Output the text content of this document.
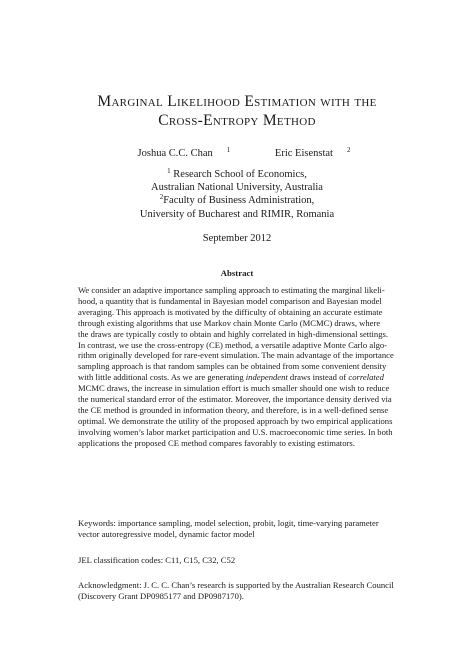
Marginal Likelihood Estimation with the
Cross-Entropy Method
Joshua C.C. Chan $^1$	Eric Eisenstat $^2$
$^1$ Research School of Economics,
Australian National University, Australia
$^2$Faculty of Business Administration,
University of Bucharest and RIMIR, Romania
September 2012
Abstract

We consider an adaptive importance sampling approach to estimating the marginal likeli-

hood, a quantity that is fundamental in Bayesian model comparison and Bayesian model

averaging. This approach is motivated by the difficulty of obtaining an accurate estimate

through existing algorithms that use Markov chain Monte Carlo (MCMC) draws, where

the draws are typically costly to obtain and highly correlated in high-dimensional settings.

In contrast, we use the cross-entropy (CE) method, a versatile adaptive Monte Carlo algo-

rithm originally developed for rare-event simulation. The main advantage of the importance

sampling approach is that random samples can be obtained from some convenient density

with little additional costs. As we are generating independent draws instead of correlated

MCMC draws, the increase in simulation effort is much smaller should one wish to reduce

the numerical standard error of the estimator. Moreover, the importance density derived via

the CE method is grounded in information theory, and therefore, is in a well-defined sense

optimal. We demonstrate the utility of the proposed approach by two empirical applications

involving women’s labor market participation and U.S. macroeconomic time series. In both

applications the proposed CE method compares favorably to existing estimators.

Keywords: importance sampling, model selection, probit, logit, time-varying parameter
vector autoregressive model, dynamic factor model
JEL classification codes: C11, C15, C32, C52
Acknowledgment: J. C. C. Chan’s research is supported by the Australian Research Council
(Discovery Grant DP0985177 and DP0987170).
